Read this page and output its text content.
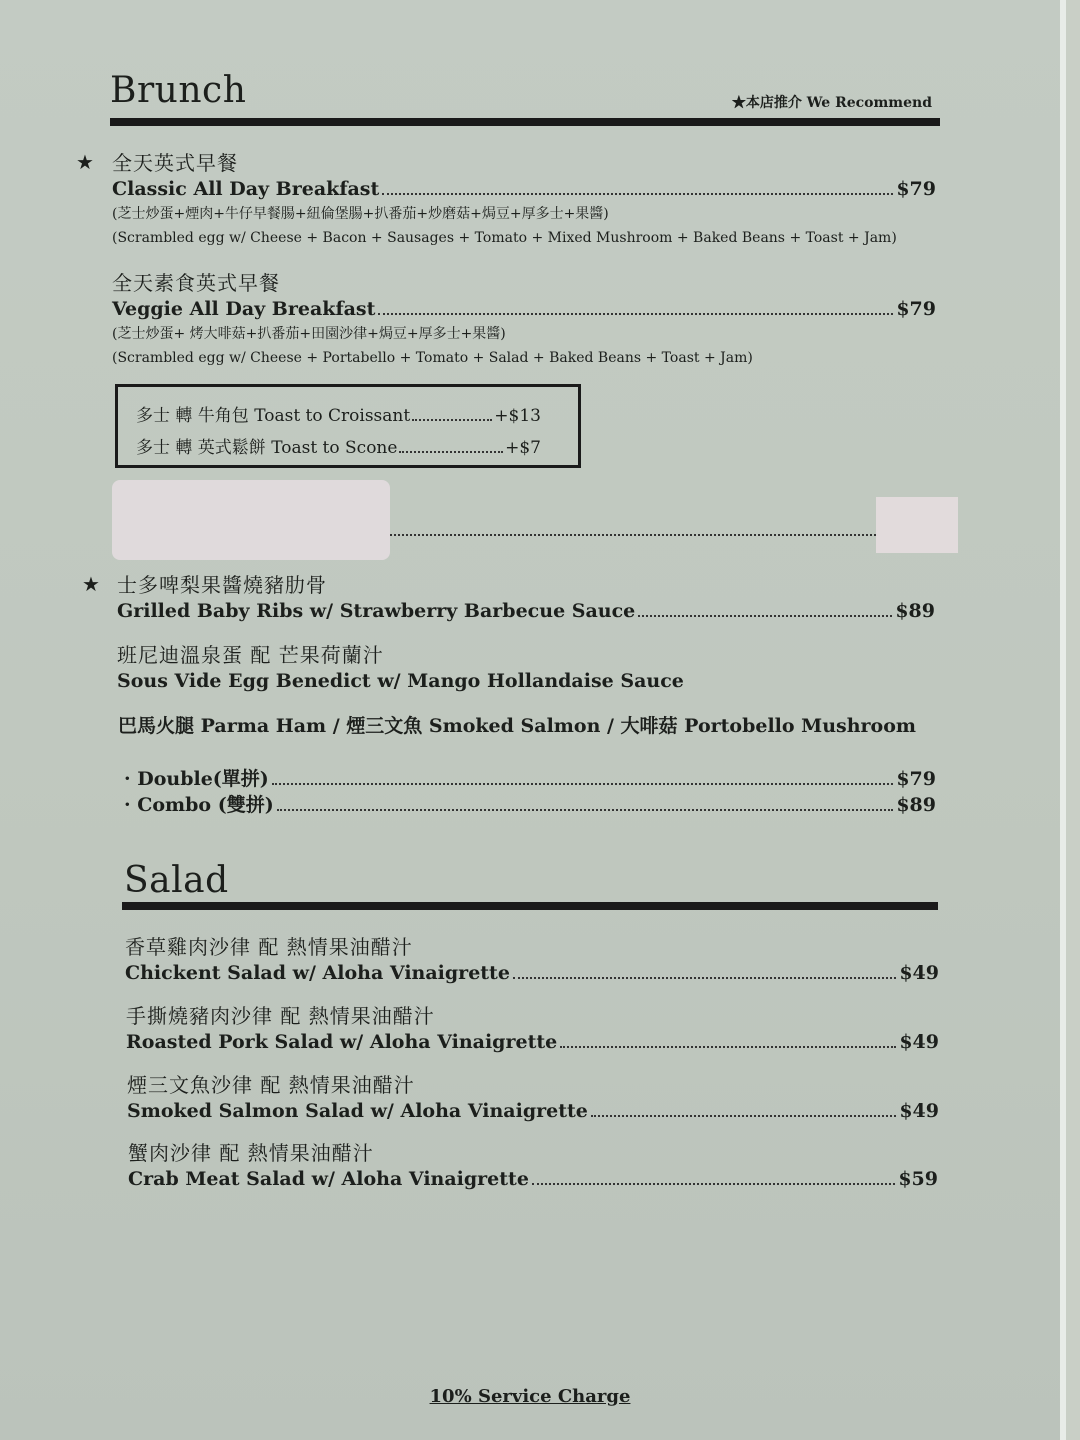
Brunch	★本店推介 We Recommend
★ 全天英式早餐
Classic All Day Breakfast	$79
(芝士炒蛋+煙肉+牛仔早餐腸+紐倫堡腸+扒番茄+炒磨菇+焗豆+厚多士+果醬)
(Scrambled egg w/ Cheese + Bacon + Sausages + Tomato + Mixed Mushroom + Baked Beans + Toast + Jam)
全天素食英式早餐
Veggie All Day Breakfast	$79
(芝士炒蛋+ 烤大啡菇+扒番茄+田園沙律+焗豆+厚多士+果醬)
(Scrambled egg w/ Cheese + Portabello + Tomato + Salad + Baked Beans + Toast + Jam)
多士 轉 牛角包 Toast to Croissant	+$13
多士 轉 英式鬆餅 Toast to Scone	+$7
★ 士多啤梨果醬燒豬肋骨
Grilled Baby Ribs w/ Strawberry Barbecue Sauce	$89
班尼迪溫泉蛋 配 芒果荷蘭汁
Sous Vide Egg Benedict w/ Mango Hollandaise Sauce
巴馬火腿 Parma Ham / 煙三文魚 Smoked Salmon / 大啡菇 Portobello Mushroom
· Double(單拼)	$79
· Combo (雙拼)	$89
Salad
香草雞肉沙律 配 熱情果油醋汁
Chickent Salad w/ Aloha Vinaigrette	$49
手撕燒豬肉沙律 配 熱情果油醋汁
Roasted Pork Salad w/ Aloha Vinaigrette	$49
煙三文魚沙律 配 熱情果油醋汁
Smoked Salmon Salad w/ Aloha Vinaigrette	$49
蟹肉沙律 配 熱情果油醋汁
Crab Meat Salad w/ Aloha Vinaigrette	$59
10% Service Charge
